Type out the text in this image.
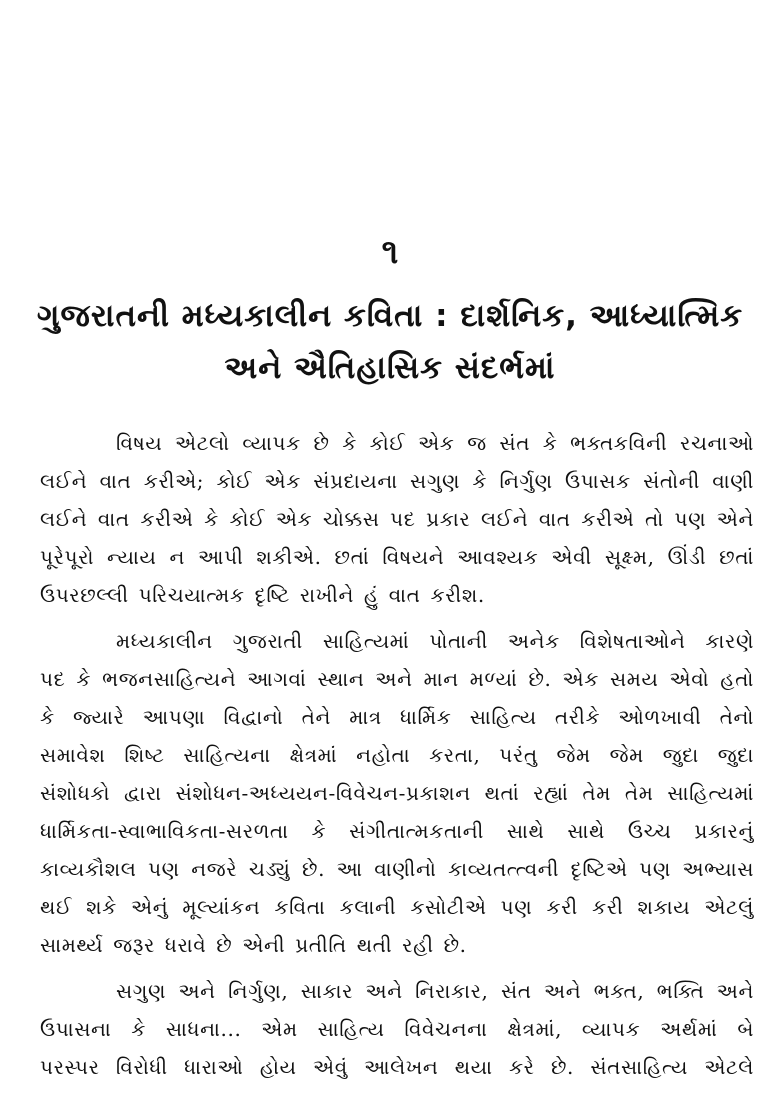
૧
ગુજરાતની મધ્યકાલીન કવિતા : દાર્શનિક, આધ્યાત્મિક
અને ઐતિહાસિક સંદર્ભમાં

વિષય એટલો વ્યાપક છે કે કોઈ એક જ સંત કે ભક્તકવિની રચનાઓ
લઈને વાત કરીએ; કોઈ એક સંપ્રદાયના સગુણ કે નિર્ગુણ ઉપાસક સંતોની વાણી
લઈને વાત કરીએ કે કોઈ એક ચોક્કસ પદ પ્રકાર લઈને વાત કરીએ તો પણ એને
પૂરેપૂરો ન્યાય ન આપી શકીએ. છતાં વિષયને આવશ્યક એવી સૂક્ષ્મ, ઊંડી છતાં
ઉપરછલ્લી પરિચયાત્મક દૃષ્ટિ રાખીને હું વાત કરીશ.

મધ્યકાલીન ગુજરાતી સાહિત્યમાં પોતાની અનેક વિશેષતાઓને કારણે
પદ કે ભજનસાહિત્યને આગવાં સ્થાન અને માન મળ્યાં છે. એક સમય એવો હતો
કે જ્યારે આપણા વિદ્વાનો તેને માત્ર ધાર્મિક સાહિત્ય તરીકે ઓળખાવી તેનો
સમાવેશ શિષ્ટ સાહિત્યના ક્ષેત્રમાં નહોતા કરતા, પરંતુ જેમ જેમ જુદા જુદા
સંશોધકો દ્વારા સંશોધન-અધ્યયન-વિવેચન-પ્રકાશન થતાં રહ્યાં તેમ તેમ સાહિત્યમાં
ધાર્મિકતા-સ્વાભાવિકતા-સરળતા કે સંગીતાત્મકતાની સાથે સાથે ઉચ્ચ પ્રકારનું
કાવ્યકૌશલ પણ નજરે ચડ્યું છે. આ વાણીનો કાવ્યતત્ત્વની દૃષ્ટિએ પણ અભ્યાસ
થઈ શકે એનું મૂલ્યાંકન કવિતા કલાની કસોટીએ પણ કરી કરી શકાય એટલું
સામર્થ્ય જરૂર ધરાવે છે એની પ્રતીતિ થતી રહી છે.

સગુણ અને નિર્ગુણ, સાકાર અને નિરાકાર, સંત અને ભક્ત, ભક્તિ અને
ઉપાસના કે સાધના... એમ સાહિત્ય વિવેચનના ક્ષેત્રમાં, વ્યાપક અર્થમાં બે
પરસ્પર વિરોધી ધારાઓ હોય એવું આલેખન થયા કરે છે. સંતસાહિત્ય એટલે
